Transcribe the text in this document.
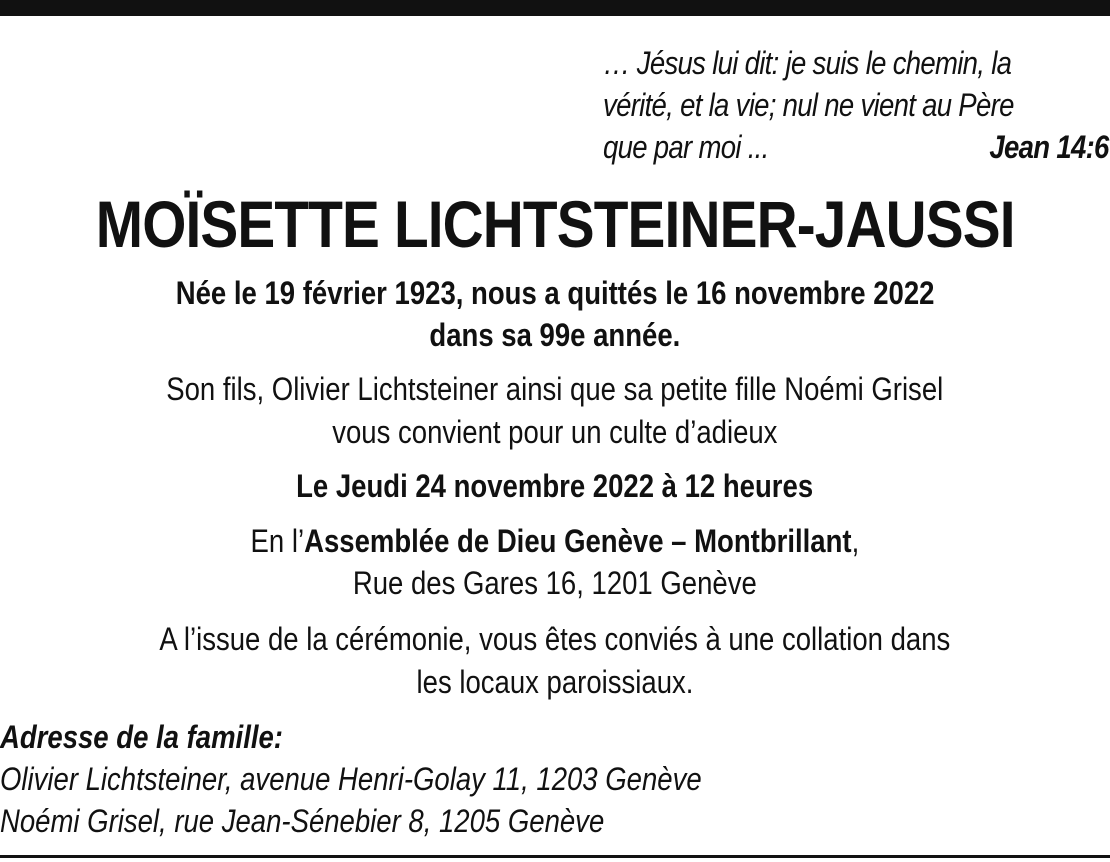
… Jésus lui dit: je suis le chemin, la
vérité, et la vie; nul ne vient au Père
que par moi ...	Jean 14:6
MOÏSETTE LICHTSTEINER-JAUSSI
Née le 19 février 1923, nous a quittés le 16 novembre 2022
dans sa 99e année.
Son fils, Olivier Lichtsteiner ainsi que sa petite fille Noémi Grisel
vous convient pour un culte d’adieux
Le Jeudi 24 novembre 2022 à 12 heures
En l’Assemblée de Dieu Genève – Montbrillant,
Rue des Gares 16, 1201 Genève
A l’issue de la cérémonie, vous êtes conviés à une collation dans
les locaux paroissiaux.
Adresse de la famille:
Olivier Lichtsteiner, avenue Henri-Golay 11, 1203 Genève
Noémi Grisel, rue Jean-Sénebier 8, 1205 Genève
